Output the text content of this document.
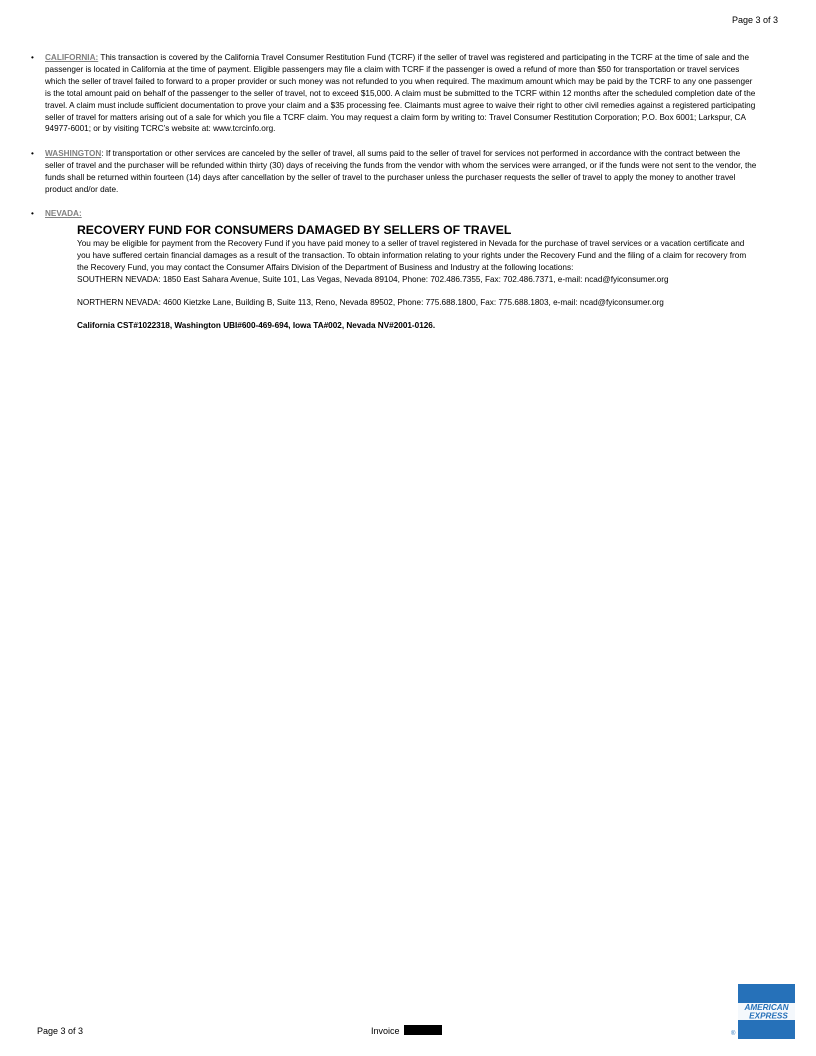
Page 3 of 3
• CALIFORNIA: This transaction is covered by the California Travel Consumer Restitution Fund (TCRF) if the seller of travel was registered and participating in the TCRF at the time of sale and the passenger is located in California at the time of payment. Eligible passengers may file a claim with TCRF if the passenger is owed a refund of more than $50 for transportation or travel services which the seller of travel failed to forward to a proper provider or such money was not refunded to you when required. The maximum amount which may be paid by the TCRF to any one passenger is the total amount paid on behalf of the passenger to the seller of travel, not to exceed $15,000. A claim must be submitted to the TCRF within 12 months after the scheduled completion date of the travel. A claim must include sufficient documentation to prove your claim and a $35 processing fee. Claimants must agree to waive their right to other civil remedies against a registered participating seller of travel for matters arising out of a sale for which you file a TCRF claim. You may request a claim form by writing to: Travel Consumer Restitution Corporation; P.O. Box 6001; Larkspur, CA 94977-6001; or by visiting TCRC’s website at: www.tcrcinfo.org.
• WASHINGTON: If transportation or other services are canceled by the seller of travel, all sums paid to the seller of travel for services not performed in accordance with the contract between the seller of travel and the purchaser will be refunded within thirty (30) days of receiving the funds from the vendor with whom the services were arranged, or if the funds were not sent to the vendor, the funds shall be returned within fourteen (14) days after cancellation by the seller of travel to the purchaser unless the purchaser requests the seller of travel to apply the money to another travel product and/or date.
• NEVADA:
RECOVERY FUND FOR CONSUMERS DAMAGED BY SELLERS OF TRAVEL

You may be eligible for payment from the Recovery Fund if you have paid money to a seller of travel registered in Nevada for the purchase of travel services or a vacation certificate and you have suffered certain financial damages as a result of the transaction. To obtain information relating to your rights under the Recovery Fund and the filing of a claim for recovery from the Recovery Fund, you may contact the Consumer Affairs Division of the Department of Business and Industry at the following locations:

SOUTHERN NEVADA: 1850 East Sahara Avenue, Suite 101, Las Vegas, Nevada 89104, Phone: 702.486.7355, Fax: 702.486.7371, e-mail: ncad@fyiconsumer.org

NORTHERN NEVADA: 4600 Kietzke Lane, Building B, Suite 113, Reno, Nevada 89502, Phone: 775.688.1800, Fax: 775.688.1803, e-mail: ncad@fyiconsumer.org

California CST#1022318, Washington UBI#600-469-694, Iowa TA#002, Nevada NV#2001-0126.

Page 3 of 3	Invoice
AMERICAN
EXPRESS
®
